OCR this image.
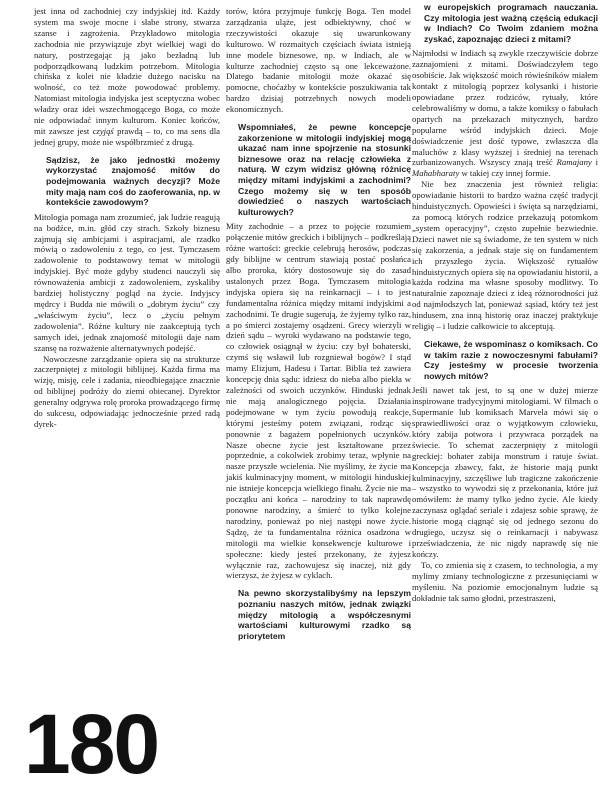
jest inna od zachodniej czy indyjskiej itd. Każdy system ma swoje mocne i słabe strony, stwarza szanse i zagrożenia. Przykładowo mitologia zachodnia nie przywiązuje zbyt wielkiej wagi do natury, postrzegając ją jako bezładną lub podporządkowaną ludzkim potrzebom. Mitologia chińska z kolei nie kładzie dużego nacisku na wolność, co też może powodować problemy. Natomiast mitologia indyjska jest sceptyczna wobec władzy oraz idei wszechmogącego Boga, co może nie odpowiadać innym kulturom. Koniec końców, mit zawsze jest czyjąś prawdą – to, co ma sens dla jednej grupy, może nie współbrzmieć z drugą.

Sądzisz, że jako jednostki możemy wykorzystać znajomość mitów do podejmowania ważnych decyzji? Może mity mają nam coś do zaoferowania, np. w kontekście zawodowym?

Mitologia pomaga nam zrozumieć, jak ludzie reagują na bodźce, m.in. głód czy strach. Szkoły biznesu zajmują się ambicjami i aspiracjami, ale rzadko mówią o zadowoleniu z tego, co jest. Tymczasem zadowolenie to podstawowy temat w mitologii indyjskiej. Być może gdyby studenci nauczyli się równoważenia ambicji z zadowoleniem, zyskaliby bardziej holistyczny pogląd na życie. Indyjscy mędrcy i Budda nie mówili o „dobrym życiu” czy „właściwym życiu”, lecz o „życiu pełnym zadowolenia”. Różne kultury nie zaakceptują tych samych idei, jednak znajomość mitologii daje nam szansę na rozważenie alternatywnych podejść.

Nowoczesne zarządzanie opiera się na strukturze zaczerpniętej z mitologii biblijnej. Każda firma ma wizję, misję, cele i zadania, nieodbiegające znacznie od biblijnej podróży do ziemi obiecanej. Dyrektor generalny odgrywa rolę proroka prowadzącego firmę do sukcesu, odpowiadając jednocześnie przed radą dyrek-

torów, która przyjmuje funkcję Boga. Ten model zarządzania uląże, jest odbiektywny, choć w rzeczywistości okazuje się uwarunkowany kulturowo. W rozmaitych częściach świata istnieją inne modele biznesowe, np. w Indiach, ale w kulturze zachodniej często są one lekceważone. Dlatego badanie mitologii może okazać się pomocne, choćażby w kontekście poszukiwania tak bardzo dzisiaj potrzebnych nowych modeli ekonomicznych.

Wspomniałeś, że pewne koncepcje zakorzenione w mitologii indyjskiej mogą ukazać nam inne spojrzenie na stosunki biznesowe oraz na relację człowieka z naturą. W czym widzisz główną różnicę między mitami indyjskimi a zachodnimi? Czego możemy się w ten sposób dowiedzieć o naszych wartościach kulturowych?

Mity zachodnie – a przez to pojęcie rozumiem połączenie mitów greckich i biblijnych – podkreślają różne wartości: greckie celebrują herosów, podczas gdy biblijne w centrum stawiają postać posłańca albo proroka, który dostosowuje się do zasad ustalonych przez Boga. Tymczasem mitologia indyjska opiera się na reinkarnacji – i to jest fundamentalna różnica między mitami indyjskimi a zachodnimi. Te drugie sugerują, że żyjemy tylko raz, a po śmierci zostajemy osądzeni. Grecy wierzyli w dzień sądu – wyroki wydawano na podstawie tego, co człowiek osiągnął w życiu: czy był bohaterski, czymś się wsławił lub rozgniewał bogów? I stąd mamy Elizjum, Hadesu i Tartar. Biblia też zawiera koncepcję dnia sądu: idziesz do nieba albo piekła w zależności od swoich uczynków. Hinduski jednak nie mają analogicznego pojęcia. Działania podejmowane w tym życiu powodują reakcje, którymi jesteśmy potem związani, rodząc się ponownie z bagażem popełnionych uczynków. Nasze obecne życie jest kształtowane przez poprzednie, a cokolwiek zrobimy teraz, wpłynie na nasze przyszłe wcielenia. Nie myślimy, że życie ma jakiś kulminacyjny moment, w mitologii hinduskiej nie istnieje koncepcja wielkiego finału. Życie nie ma początku ani końca – narodziny to tak naprawdę ponowne narodziny, a śmierć to tylko kolejne narodziny, ponieważ po niej następi nowe życie. Sądzę, że ta fundamentalna różnica osadzona w mitologii ma wielkie konsekwencje kulturowe i społeczne: kiedy jesteś przekonany, że żyjesz wyłącznie raz, zachowujesz się inaczej, niż gdy wierzysz, że żyjesz w cyklach.

Na pewno skorzystalibyśmy na lepszym poznaniu naszych mitów, jednak związki między mitologią a współczesnymi wartościami kulturowymi rzadko są priorytetem
w europejskich programach nauczania. Czy mitologia jest ważną częścią edukacji w Indiach? Co Twoim zdaniem można zyskać, zapoznając dzieci z mitami?

Najmłodsi w Indiach są zwykle rzeczywiście dobrze zaznajomieni z mitami. Doświadczyłem tego osobiście. Jak większość moich rówieśników miałem kontakt z mitologią poprzez kolysanki i historie opowiadane przez rodziców, rytuały, które celebrowaliśmy w domu, a także komiksy o fabułach opartych na przekazach mitycznych, bardzo popularne wśród indyjskich dzieci. Moje doświadczenie jest dość typowe, zwłaszcza dla maluchów z klasy wyższej i średniej na terenach zurbanizowanych. Wszyscy znają treść Ramajany i Mahabharaty w takiej czy innej formie.

Nie bez znaczenia jest również religia: opowiadanie historii to bardzo ważna część tradycji hinduistycznych. Opowieści i święta są narzędziami, za pomocą których rodzice przekazują potomkom „system operacyjny”, często zupełnie bezwiednie. Dzieci nawet nie są świadome, że ten system w nich się zakorzenia, a jednak staje się on fundamentem ich przyszłego życia. Większość rytuałów hinduistycznych opiera się na opowiadaniu historii, a każda rodzina ma własne sposoby modlitwy. To naturalnie zapoznaje dzieci z ideą różnorodności już od najmłodszych lat, ponieważ sąsiad, który też jest hindusem, zna inną historię oraz inaczej praktykuje religię – i ludzie całkowicie to akceptują.

Ciekawe, że wspominasz o komiksach. Co w takim razie z nowoczesnymi fabułami? Czy jesteśmy w procesie tworzenia nowych mitów?

Jeśli nawet tak jest, to są one w dużej mierze inspirowane tradycyjnymi mitologiami. W filmach o Supermanie lub komiksach Marvela mówi się o sprawiedliwości oraz o wyjątkowym człowieku, który zabija potwora i przywraca porządek na świecie. To schemat zaczerpnięty z mitologii greckiej: bohater zabija monstrum i ratuje świat. Koncepcja zbawcy, fakt, że historie mają punkt kulminacyjny, szczęśliwe lub tragiczne zakończenie – wszystko to wywodzi się z przekonania, które już omówiłem: że mamy tylko jedno życie. Ale kiedy zaczynasz oglądać seriale i zdajesz sobie sprawę, że historie mogą ciągnąć się od jednego sezonu do drugiego, uczysz się o reinkarnacji i nabywasz przeświadczenia, że nic nigdy naprawdę się nie kończy.

To, co zmienia się z czasem, to technologia, a my mylimy zmiany technologiczne z przesunięciami w myśleniu. Na poziomie emocjonalnym ludzie są dokładnie tak samo głodni, przestraszeni,

180
